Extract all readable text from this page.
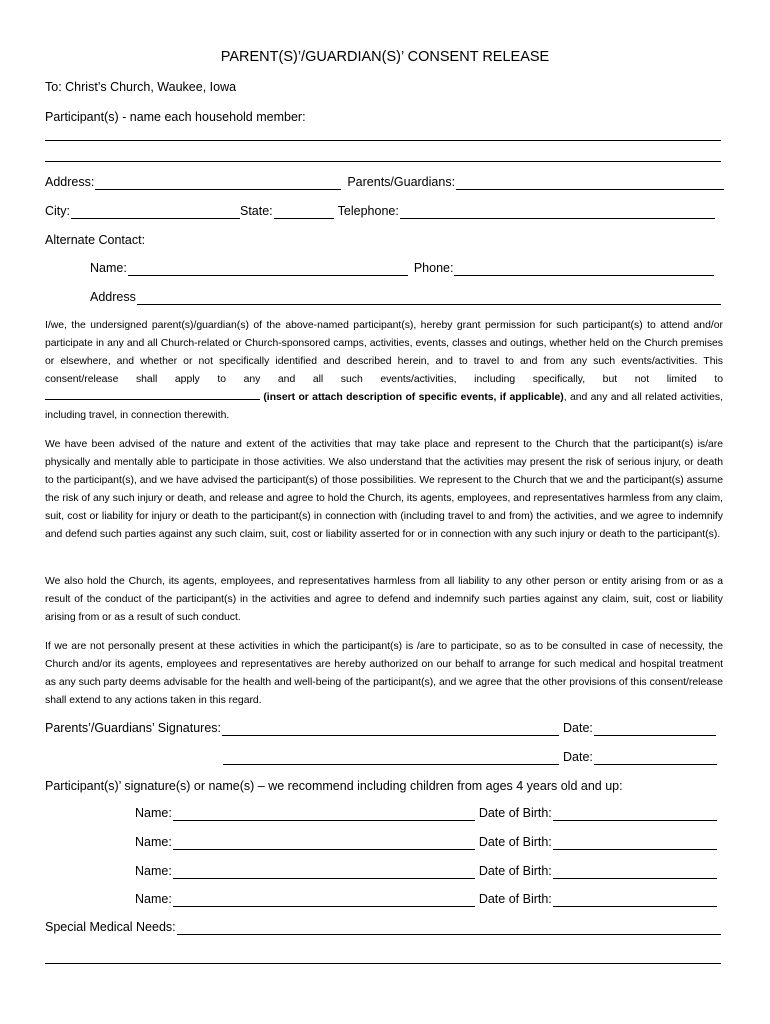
PARENT(S)’/GUARDIAN(S)’ CONSENT RELEASE
To: Christ’s Church, Waukee, Iowa
Participant(s) - name each household member:
Address:	Parents/Guardians:
City:	State:	Telephone:
Alternate Contact:
Name:	Phone:
Address
I/we, the undersigned parent(s)/guardian(s) of the above-named participant(s), hereby grant permission for such participant(s) to attend and/or participate in any and all Church-related or Church-sponsored camps, activities, events, classes and outings, whether held on the Church premises or elsewhere, and whether or not specifically identified and described herein, and to travel to and from any such events/activities. This consent/release shall apply to any and all such events/activities, including specifically, but not limited to  (insert or attach description of specific events, if applicable), and any and all related activities, including travel, in connection therewith.
We have been advised of the nature and extent of the activities that may take place and represent to the Church that the participant(s) is/are physically and mentally able to participate in those activities. We also understand that the activities may present the risk of serious injury, or death to the participant(s), and we have advised the participant(s) of those possibilities. We represent to the Church that we and the participant(s) assume the risk of any such injury or death, and release and agree to hold the Church, its agents, employees, and representatives harmless from any claim, suit, cost or liability for injury or death to the participant(s) in connection with (including travel to and from) the activities, and we agree to indemnify and defend such parties against any such claim, suit, cost or liability asserted for or in connection with any such injury or death to the participant(s).
We also hold the Church, its agents, employees, and representatives harmless from all liability to any other person or entity arising from or as a result of the conduct of the participant(s) in the activities and agree to defend and indemnify such parties against any claim, suit, cost or liability arising from or as a result of such conduct.
If we are not personally present at these activities in which the participant(s) is /are to participate, so as to be consulted in case of necessity, the Church and/or its agents, employees and representatives are hereby authorized on our behalf to arrange for such medical and hospital treatment as any such party deems advisable for the health and well-being of the participant(s), and we agree that the other provisions of this consent/release shall extend to any actions taken in this regard.
Parents’/Guardians’ Signatures:	Date:
Date:
Participant(s)’ signature(s) or name(s) – we recommend including children from ages 4 years old and up:
Name:	Date of Birth:
Name:	Date of Birth:
Name:	Date of Birth:
Name:	Date of Birth:
Special Medical Needs:
